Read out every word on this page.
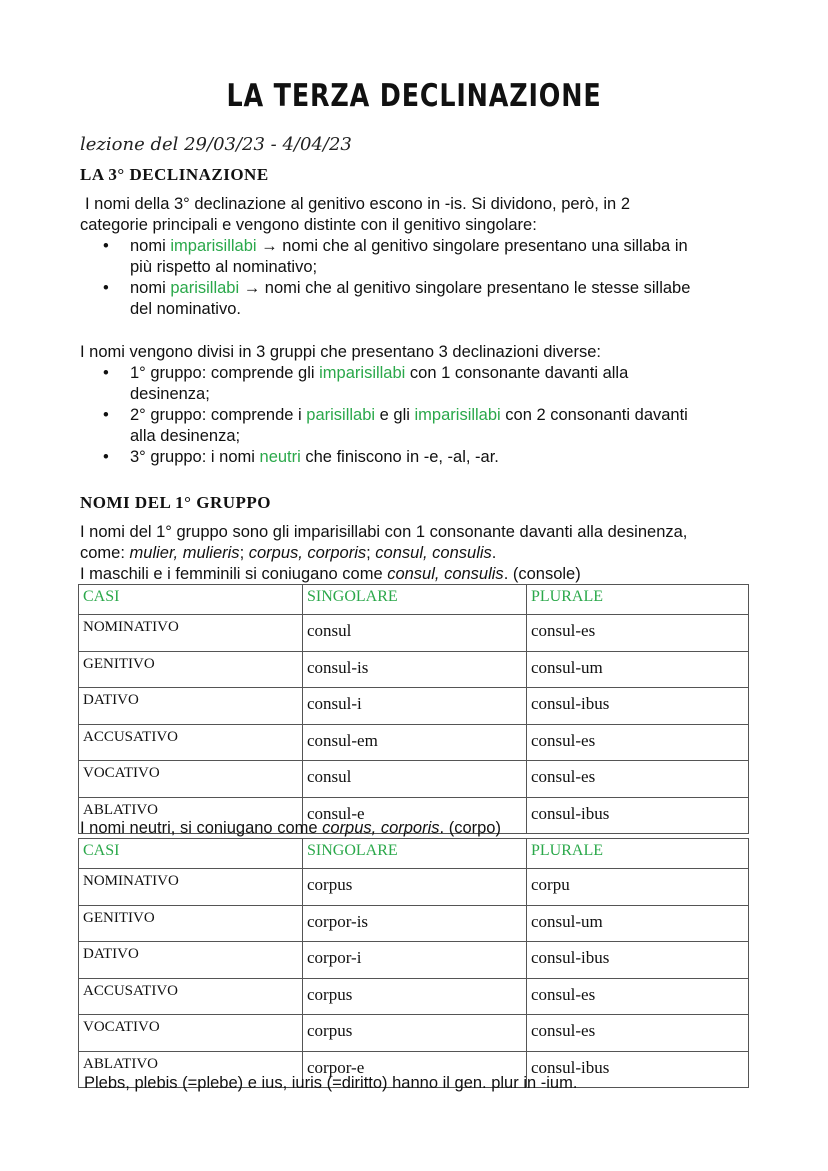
LA TERZA DECLINAZIONE
lezione del 29/03/23 - 4/04/23
LA 3° DECLINAZIONE
I nomi della 3° declinazione al genitivo escono in -is. Si dividono, però, in 2
categorie principali e vengono distinte con il genitivo singolare:
• nomi imparisillabi → nomi che al genitivo singolare presentano una sillaba in
più rispetto al nominativo;
• nomi parisillabi → nomi che al genitivo singolare presentano le stesse sillabe
del nominativo.
I nomi vengono divisi in 3 gruppi che presentano 3 declinazioni diverse:
• 1° gruppo: comprende gli imparisillabi con 1 consonante davanti alla
desinenza;
• 2° gruppo: comprende i parisillabi e gli imparisillabi con 2 consonanti davanti
alla desinenza;
• 3° gruppo: i nomi neutri che finiscono in -e, -al, -ar.
NOMI DEL 1° GRUPPO
I nomi del 1° gruppo sono gli imparisillabi con 1 consonante davanti alla desinenza,
come: mulier, mulieris; corpus, corporis; consul, consulis.
I maschili e i femminili si coniugano come consul, consulis. (console)
CASI	SINGOLARE	PLURALE
NOMINATIVO	consul	consul-es
GENITIVO	consul-is	consul-um
DATIVO	consul-i	consul-ibus
ACCUSATIVO	consul-em	consul-es
VOCATIVO	consul	consul-es
ABLATIVO	consul-e	consul-ibus
I nomi neutri, si coniugano come corpus, corporis. (corpo)
CASI	SINGOLARE	PLURALE
NOMINATIVO	corpus	corpu
GENITIVO	corpor-is	consul-um
DATIVO	corpor-i	consul-ibus
ACCUSATIVO	corpus	consul-es
VOCATIVO	corpus	consul-es
ABLATIVO	corpor-e	consul-ibus
Plebs, plebis (=plebe) e ius, iuris (=diritto) hanno il gen. plur in -ium.
